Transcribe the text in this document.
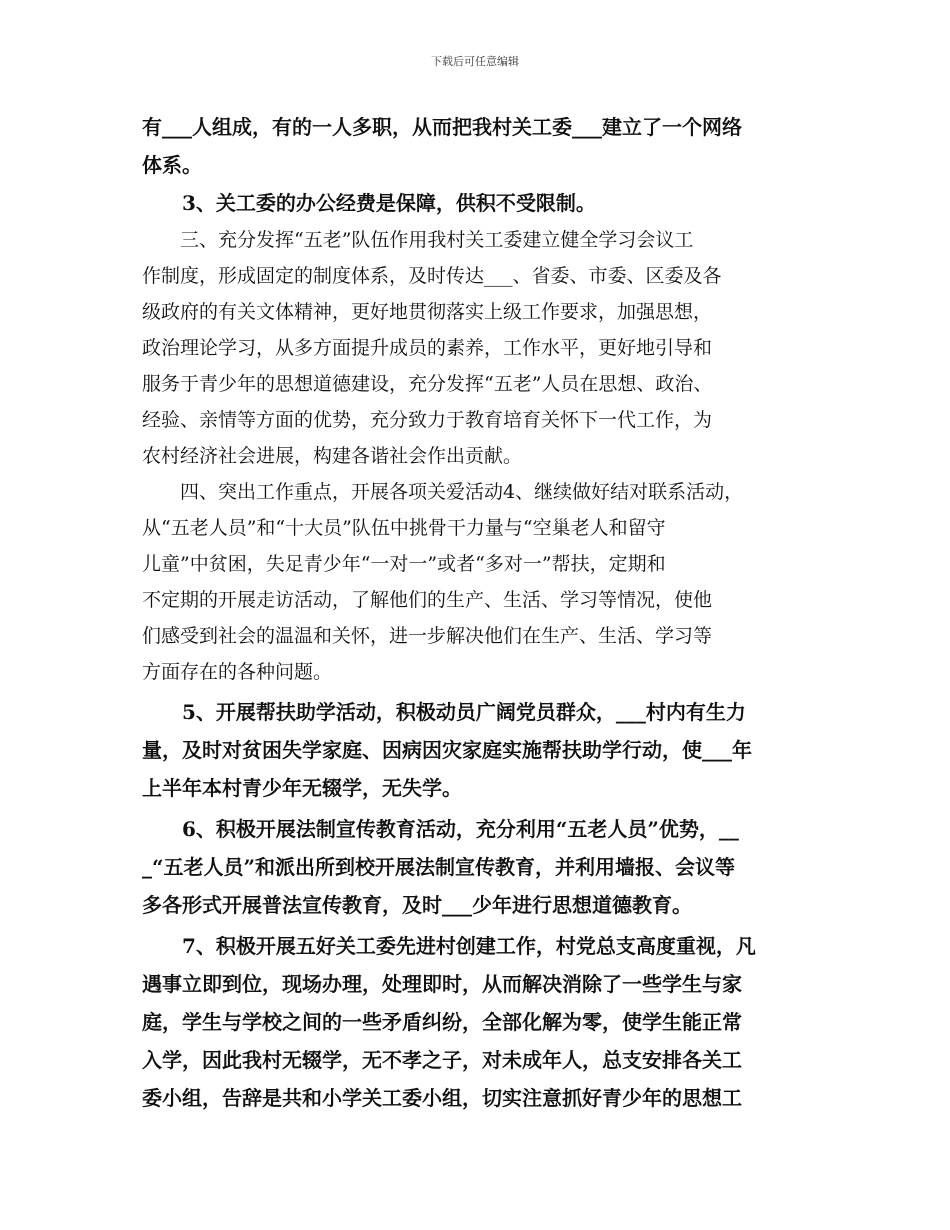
下载后可任意编辑
有___人组成，有的一人多职，从而把我村关工委___建立了一个网络
体系。
　　3、关工委的办公经费是保障，供积不受限制。
　　三、充分发挥“五老”队伍作用我村关工委建立健全学习会议工
作制度，形成固定的制度体系，及时传达___、省委、市委、区委及各
级政府的有关文体精神，更好地贯彻落实上级工作要求，加强思想，
政治理论学习，从多方面提升成员的素养，工作水平，更好地引导和
服务于青少年的思想道德建设，充分发挥“五老”人员在思想、政治、
经验、亲情等方面的优势，充分致力于教育培育关怀下一代工作，为
农村经济社会进展，构建各谐社会作出贡献。
　　四、突出工作重点，开展各项关爱活动4、继续做好结对联系活动，
从“五老人员”和“十大员”队伍中挑骨干力量与“空巢老人和留守
儿童”中贫困，失足青少年“一对一”或者“多对一”帮扶，定期和
不定期的开展走访活动，了解他们的生产、生活、学习等情况，使他
们感受到社会的温温和关怀，进一步解决他们在生产、生活、学习等
方面存在的各种问题。
　　5、开展帮扶助学活动，积极动员广阔党员群众，___村内有生力
量，及时对贫困失学家庭、因病因灾家庭实施帮扶助学行动，使___年
上半年本村青少年无辍学，无失学。
　　6、积极开展法制宣传教育活动，充分利用“五老人员”优势，__
_“五老人员”和派出所到校开展法制宣传教育，并利用墙报、会议等
多各形式开展普法宣传教育，及时___少年进行思想道德教育。
　　7、积极开展五好关工委先进村创建工作，村党总支高度重视，凡
遇事立即到位，现场办理，处理即时，从而解决消除了一些学生与家
庭，学生与学校之间的一些矛盾纠纷，全部化解为零，使学生能正常
入学，因此我村无辍学，无不孝之子，对未成年人，总支安排各关工
委小组，告辞是共和小学关工委小组，切实注意抓好青少年的思想工
